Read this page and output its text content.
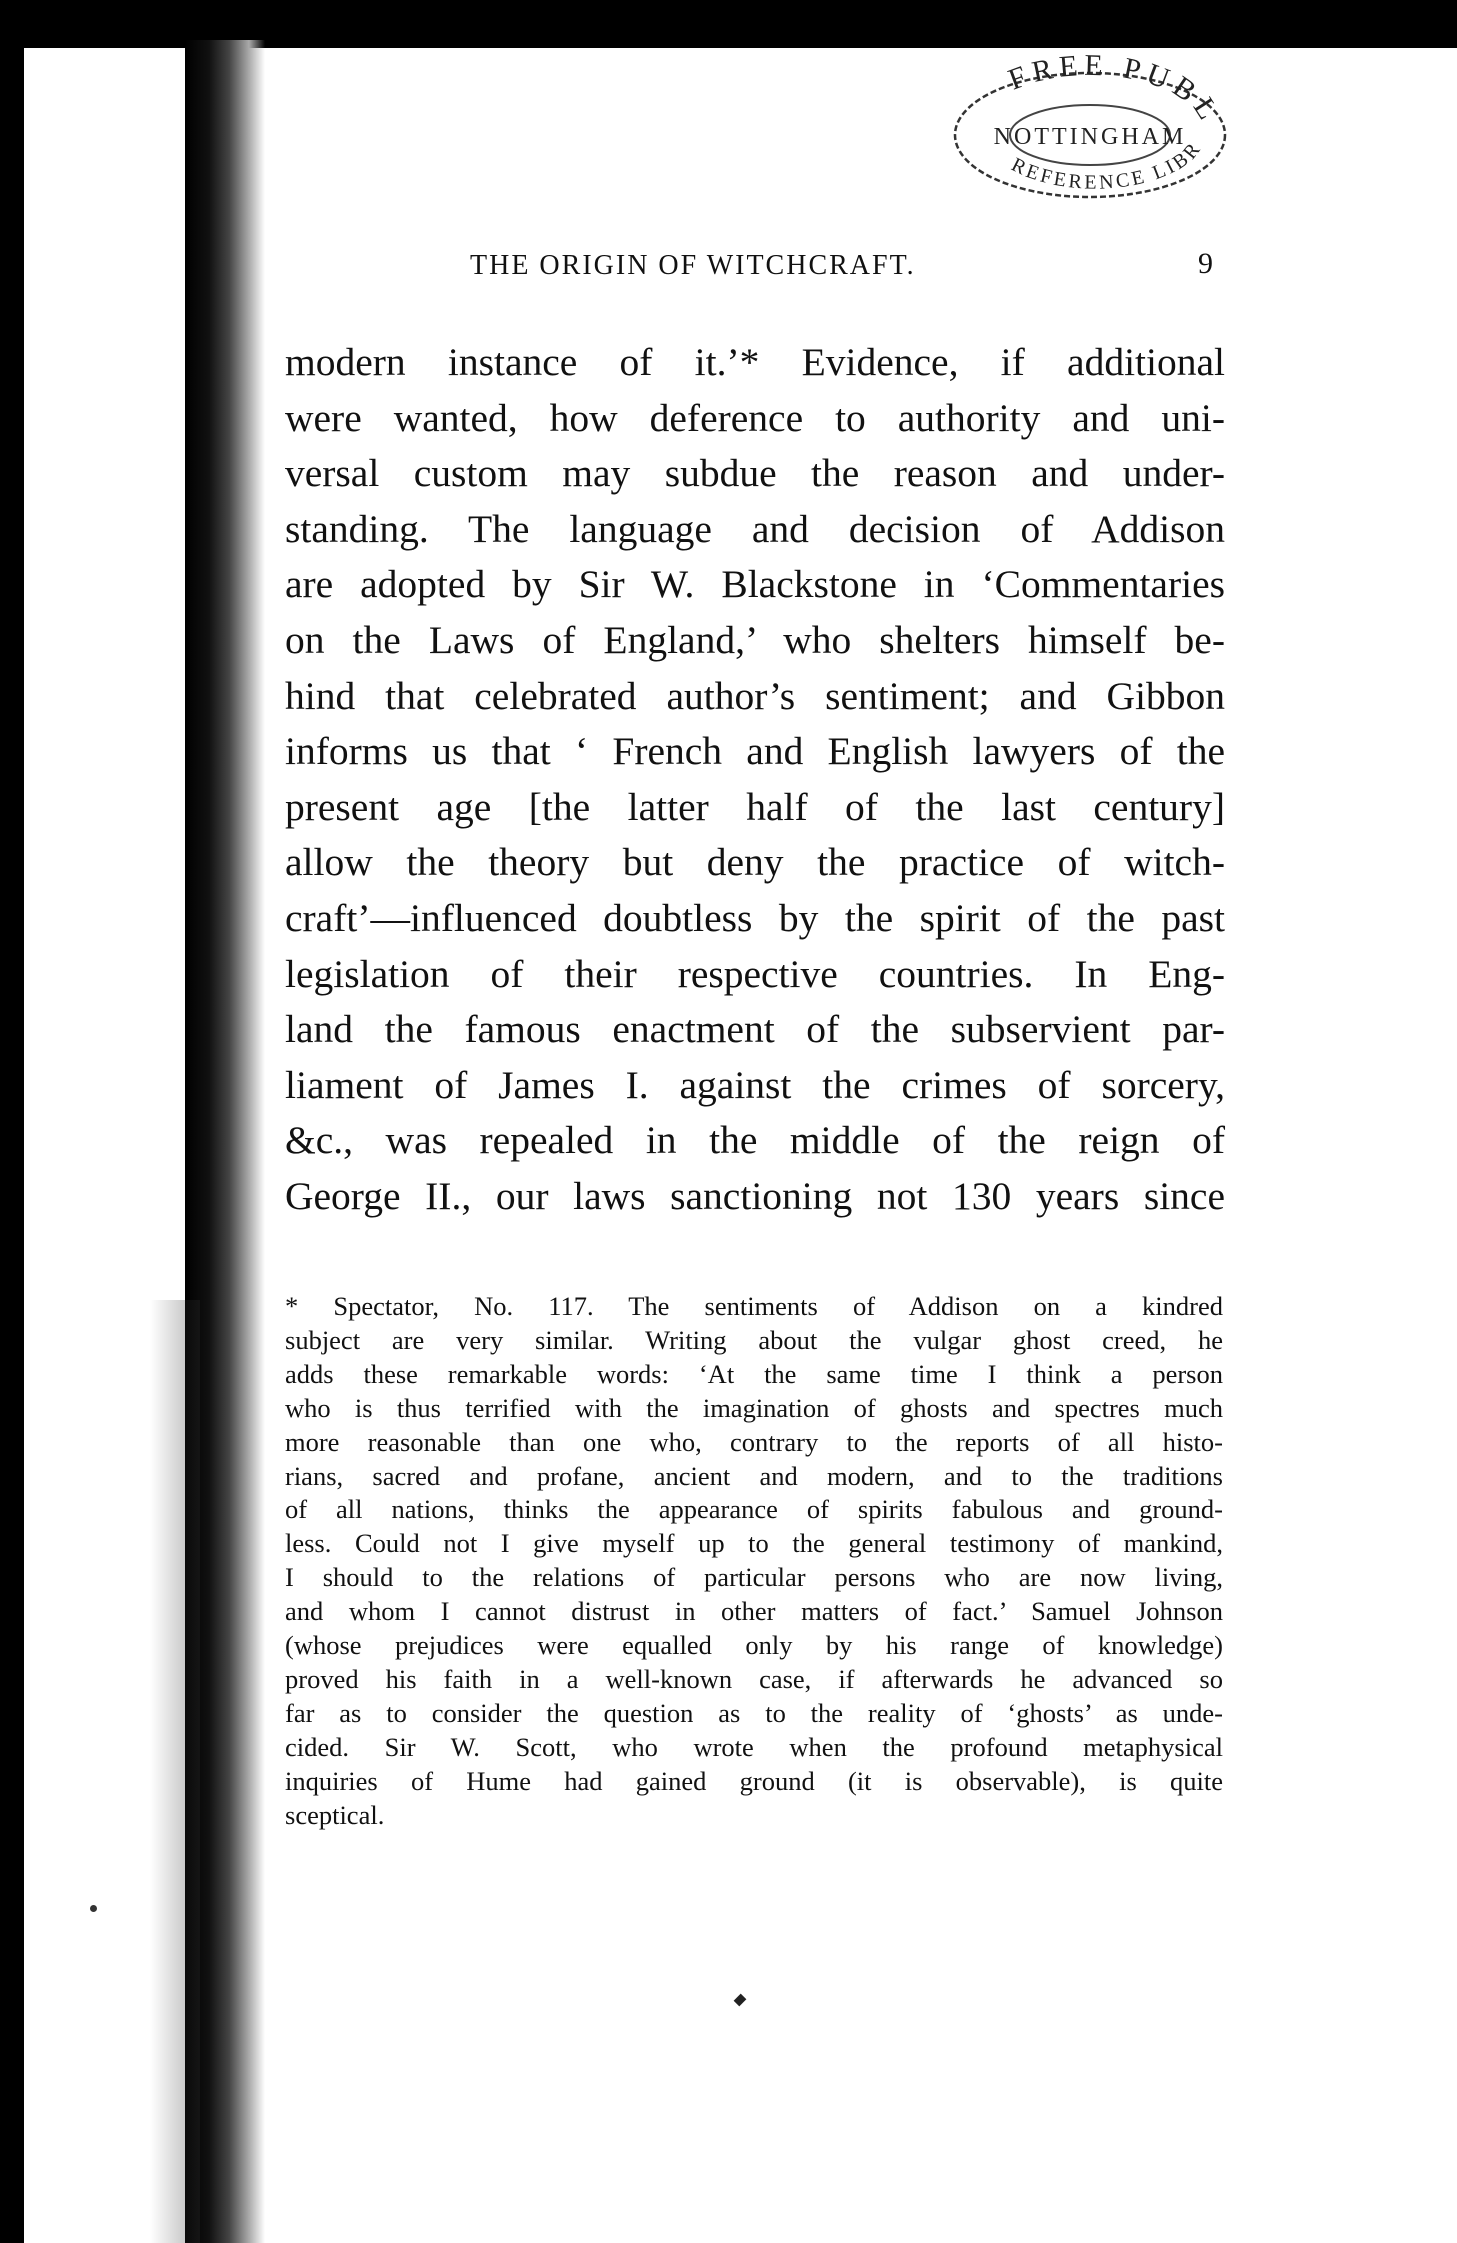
FREE PUBL
NOTTINGHAM
REFERENCE LIBR
THE ORIGIN OF WITCHCRAFT.	9
modern instance of it.’* Evidence, if additional
were wanted, how deference to authority and uni-
versal custom may subdue the reason and under-
standing. The language and decision of Addison
are adopted by Sir W. Blackstone in ‘Commentaries
on the Laws of England,’ who shelters himself be-
hind that celebrated author’s sentiment; and Gibbon
informs us that ‘ French and English lawyers of the
present age [the latter half of the last century]
allow the theory but deny the practice of witch-
craft’—influenced doubtless by the spirit of the past
legislation of their respective countries. In Eng-
land the famous enactment of the subservient par-
liament of James I. against the crimes of sorcery,
&c., was repealed in the middle of the reign of
George II., our laws sanctioning not 130 years since
* Spectator, No. 117. The sentiments of Addison on a kindred
subject are very similar. Writing about the vulgar ghost creed, he
adds these remarkable words: ‘At the same time I think a person
who is thus terrified with the imagination of ghosts and spectres much
more reasonable than one who, contrary to the reports of all histo-
rians, sacred and profane, ancient and modern, and to the traditions
of all nations, thinks the appearance of spirits fabulous and ground-
less. Could not I give myself up to the general testimony of mankind,
I should to the relations of particular persons who are now living,
and whom I cannot distrust in other matters of fact.’ Samuel Johnson
(whose prejudices were equalled only by his range of knowledge)
proved his faith in a well-known case, if afterwards he advanced so
far as to consider the question as to the reality of ‘ghosts’ as unde-
cided. Sir W. Scott, who wrote when the profound metaphysical
inquiries of Hume had gained ground (it is observable), is quite
sceptical.
